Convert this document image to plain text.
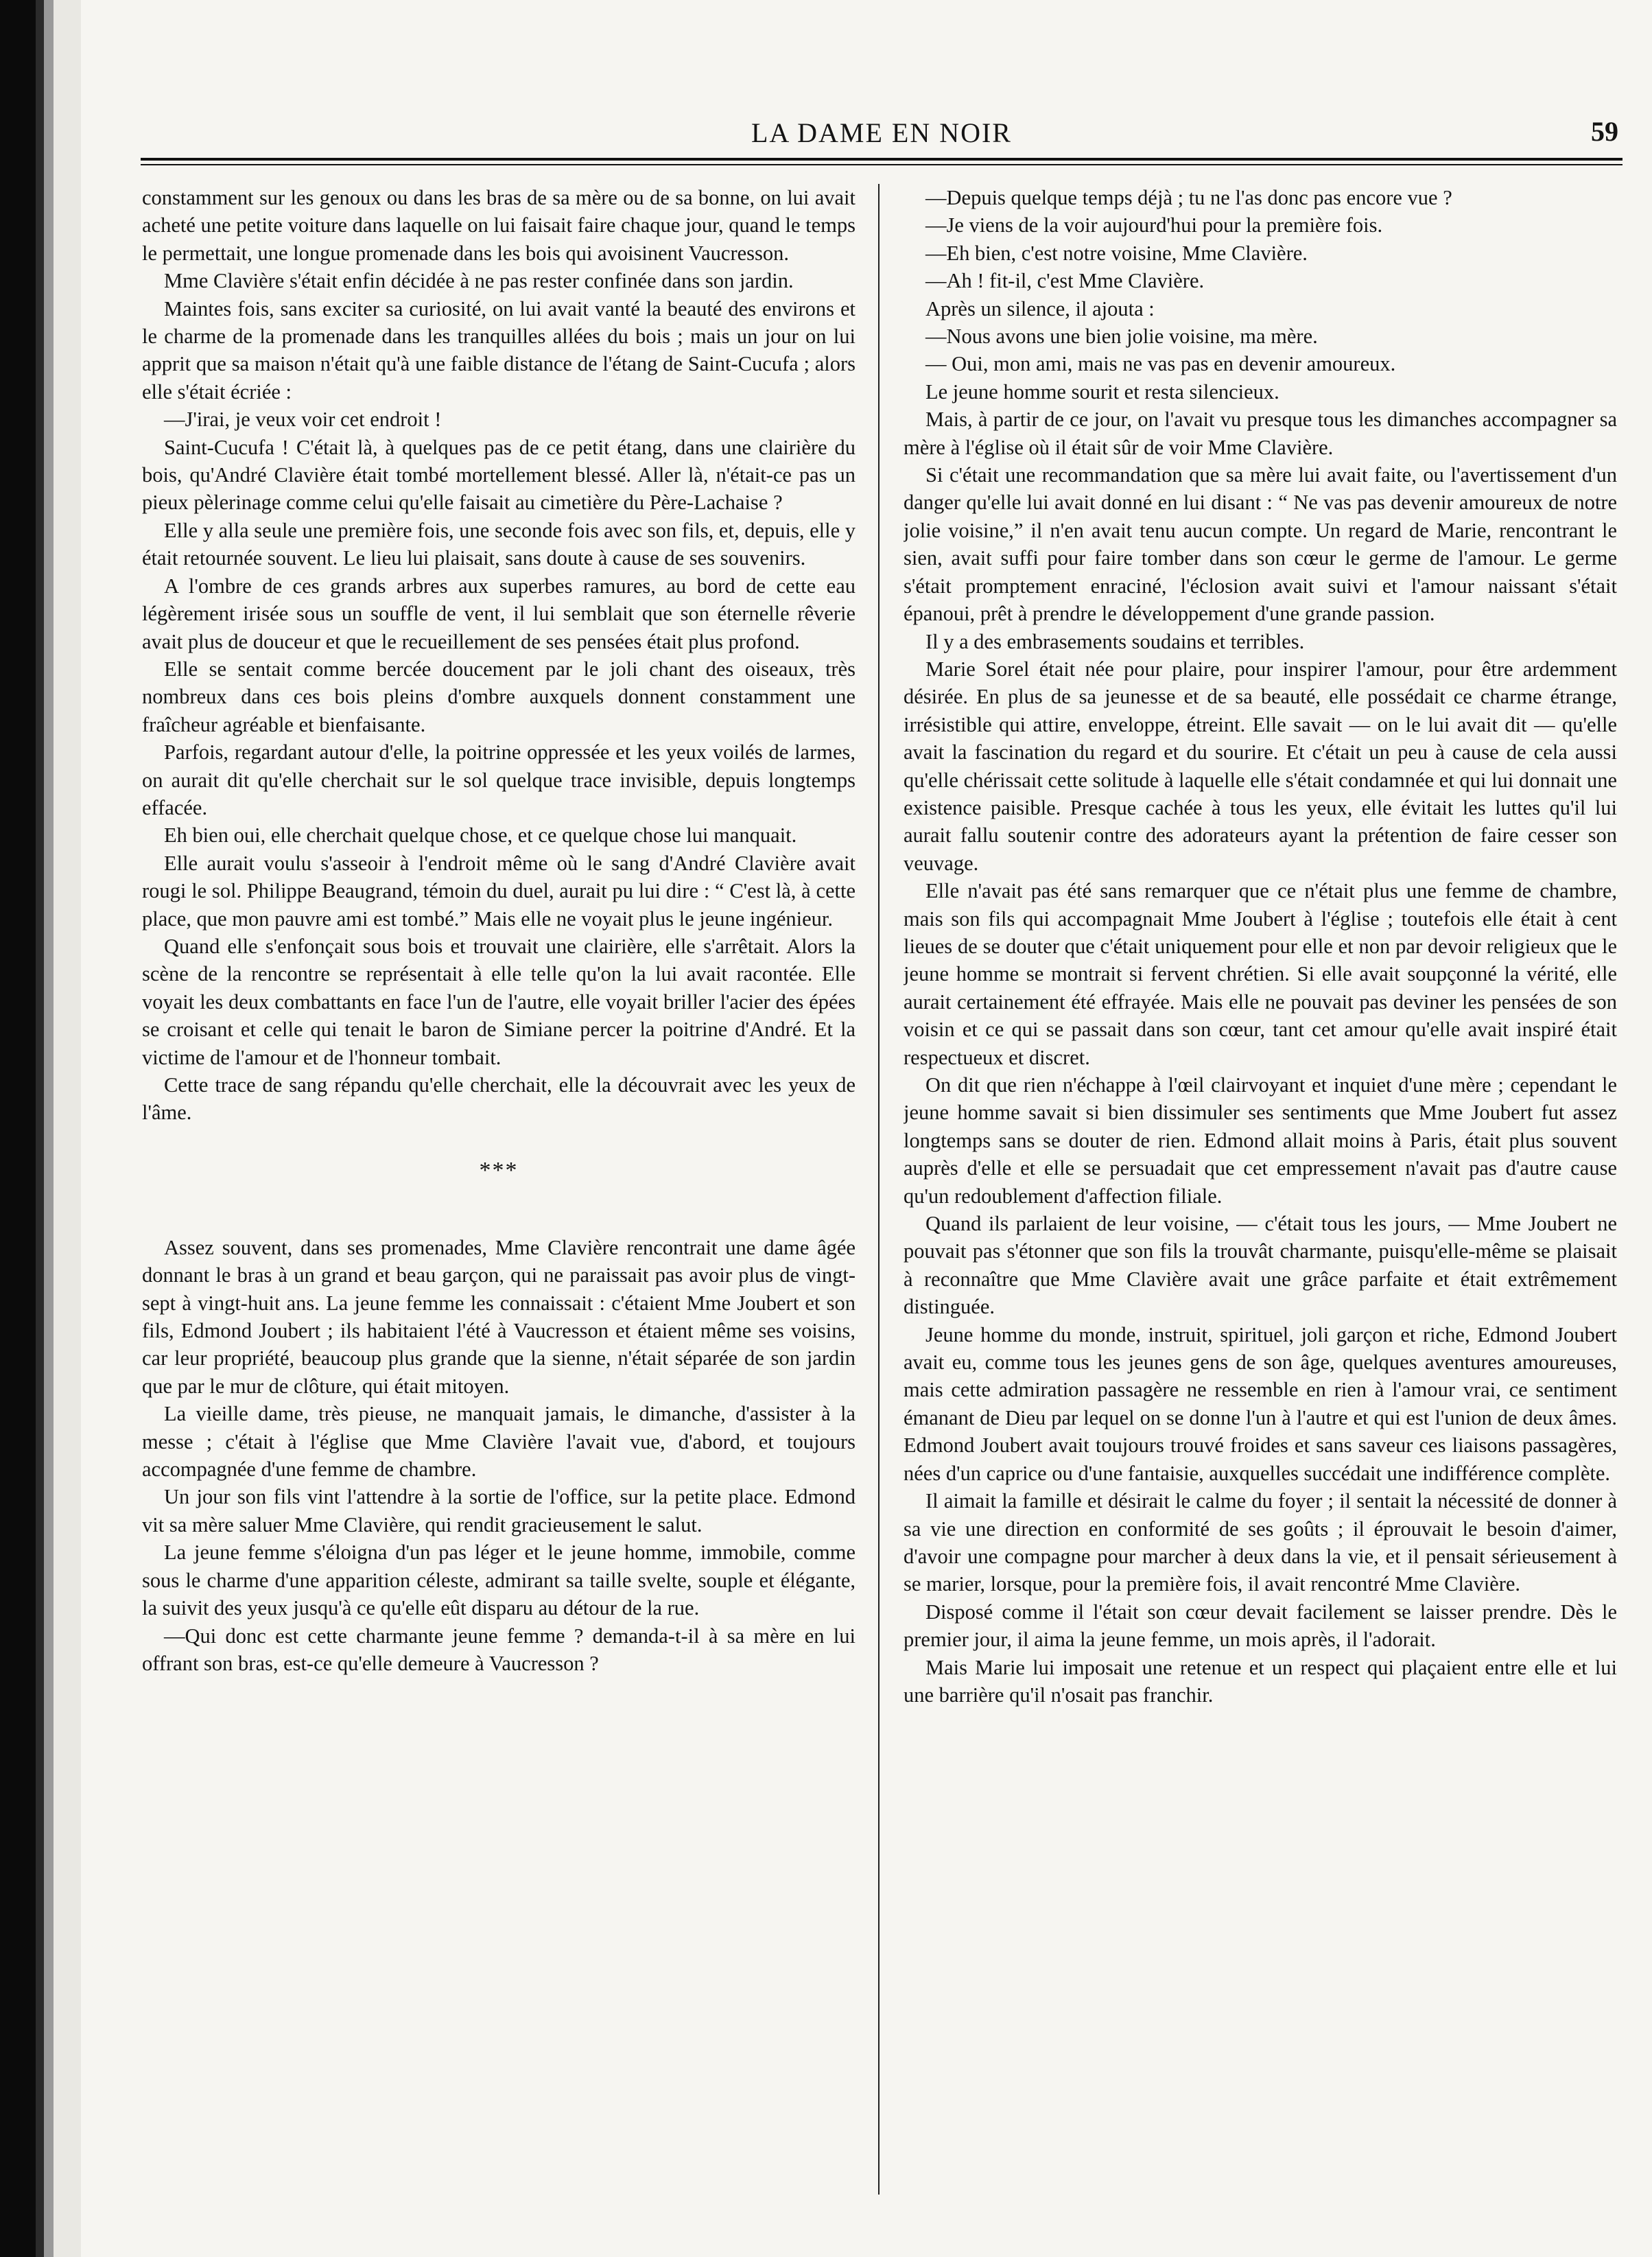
LA DAME EN NOIR	59

constamment sur les genoux ou dans les bras de sa mère ou de sa bonne, on lui avait acheté une petite voiture dans laquelle on lui faisait faire chaque jour, quand le temps le permettait, une longue promenade dans les bois qui avoisinent Vaucresson.

Mme Clavière s'était enfin décidée à ne pas rester confinée dans son jardin.

Maintes fois, sans exciter sa curiosité, on lui avait vanté la beauté des environs et le charme de la promenade dans les tranquilles allées du bois ; mais un jour on lui apprit que sa maison n'était qu'à une faible distance de l'étang de Saint-Cucufa ; alors elle s'était écriée :

—J'irai, je veux voir cet endroit !

Saint-Cucufa ! C'était là, à quelques pas de ce petit étang, dans une clairière du bois, qu'André Clavière était tombé mortellement blessé. Aller là, n'était-ce pas un pieux pèlerinage comme celui qu'elle faisait au cimetière du Père-Lachaise ?

Elle y alla seule une première fois, une seconde fois avec son fils, et, depuis, elle y était retournée souvent. Le lieu lui plaisait, sans doute à cause de ses souvenirs.

A l'ombre de ces grands arbres aux superbes ramures, au bord de cette eau légèrement irisée sous un souffle de vent, il lui semblait que son éternelle rêverie avait plus de douceur et que le recueillement de ses pensées était plus profond.

Elle se sentait comme bercée doucement par le joli chant des oiseaux, très nombreux dans ces bois pleins d'ombre auxquels donnent constamment une fraîcheur agréable et bienfaisante.

Parfois, regardant autour d'elle, la poitrine oppressée et les yeux voilés de larmes, on aurait dit qu'elle cherchait sur le sol quelque trace invisible, depuis longtemps effacée.

Eh bien oui, elle cherchait quelque chose, et ce quelque chose lui manquait.

Elle aurait voulu s'asseoir à l'endroit même où le sang d'André Clavière avait rougi le sol. Philippe Beaugrand, témoin du duel, aurait pu lui dire : “ C'est là, à cette place, que mon pauvre ami est tombé.” Mais elle ne voyait plus le jeune ingénieur.

Quand elle s'enfonçait sous bois et trouvait une clairière, elle s'arrêtait. Alors la scène de la rencontre se représentait à elle telle qu'on la lui avait racontée. Elle voyait les deux combattants en face l'un de l'autre, elle voyait briller l'acier des épées se croisant et celle qui tenait le baron de Simiane percer la poitrine d'André. Et la victime de l'amour et de l'honneur tombait.

Cette trace de sang répandu qu'elle cherchait, elle la découvrait avec les yeux de l'âme.

***

Assez souvent, dans ses promenades, Mme Clavière rencontrait une dame âgée donnant le bras à un grand et beau garçon, qui ne paraissait pas avoir plus de vingt-sept à vingt-huit ans. La jeune femme les connaissait : c'étaient Mme Joubert et son fils, Edmond Joubert ; ils habitaient l'été à Vaucresson et étaient même ses voisins, car leur propriété, beaucoup plus grande que la sienne, n'était séparée de son jardin que par le mur de clôture, qui était mitoyen.

La vieille dame, très pieuse, ne manquait jamais, le dimanche, d'assister à la messe ; c'était à l'église que Mme Clavière l'avait vue, d'abord, et toujours accompagnée d'une femme de chambre.

Un jour son fils vint l'attendre à la sortie de l'office, sur la petite place. Edmond vit sa mère saluer Mme Clavière, qui rendit gracieusement le salut.

La jeune femme s'éloigna d'un pas léger et le jeune homme, immobile, comme sous le charme d'une apparition céleste, admirant sa taille svelte, souple et élégante, la suivit des yeux jusqu'à ce qu'elle eût disparu au détour de la rue.

—Qui donc est cette charmante jeune femme ? demanda-t-il à sa mère en lui offrant son bras, est-ce qu'elle demeure à Vaucresson ?

—Depuis quelque temps déjà ; tu ne l'as donc pas encore vue ?

—Je viens de la voir aujourd'hui pour la première fois.

—Eh bien, c'est notre voisine, Mme Clavière.

—Ah ! fit-il, c'est Mme Clavière.

Après un silence, il ajouta :

—Nous avons une bien jolie voisine, ma mère.

— Oui, mon ami, mais ne vas pas en devenir amoureux.

Le jeune homme sourit et resta silencieux.

Mais, à partir de ce jour, on l'avait vu presque tous les dimanches accompagner sa mère à l'église où il était sûr de voir Mme Clavière.

Si c'était une recommandation que sa mère lui avait faite, ou l'avertissement d'un danger qu'elle lui avait donné en lui disant : “ Ne vas pas devenir amoureux de notre jolie voisine,” il n'en avait tenu aucun compte. Un regard de Marie, rencontrant le sien, avait suffi pour faire tomber dans son cœur le germe de l'amour. Le germe s'était promptement enraciné, l'éclosion avait suivi et l'amour naissant s'était épanoui, prêt à prendre le développement d'une grande passion.

Il y a des embrasements soudains et terribles.

Marie Sorel était née pour plaire, pour inspirer l'amour, pour être ardemment désirée. En plus de sa jeunesse et de sa beauté, elle possédait ce charme étrange, irrésistible qui attire, enveloppe, étreint. Elle savait — on le lui avait dit — qu'elle avait la fascination du regard et du sourire. Et c'était un peu à cause de cela aussi qu'elle chérissait cette solitude à laquelle elle s'était condamnée et qui lui donnait une existence paisible. Presque cachée à tous les yeux, elle évitait les luttes qu'il lui aurait fallu soutenir contre des adorateurs ayant la prétention de faire cesser son veuvage.

Elle n'avait pas été sans remarquer que ce n'était plus une femme de chambre, mais son fils qui accompagnait Mme Joubert à l'église ; toutefois elle était à cent lieues de se douter que c'était uniquement pour elle et non par devoir religieux que le jeune homme se montrait si fervent chrétien. Si elle avait soupçonné la vérité, elle aurait certainement été effrayée. Mais elle ne pouvait pas deviner les pensées de son voisin et ce qui se passait dans son cœur, tant cet amour qu'elle avait inspiré était respectueux et discret.

On dit que rien n'échappe à l'œil clairvoyant et inquiet d'une mère ; cependant le jeune homme savait si bien dissimuler ses sentiments que Mme Joubert fut assez longtemps sans se douter de rien. Edmond allait moins à Paris, était plus souvent auprès d'elle et elle se persuadait que cet empressement n'avait pas d'autre cause qu'un redoublement d'affection filiale.

Quand ils parlaient de leur voisine, — c'était tous les jours, — Mme Joubert ne pouvait pas s'étonner que son fils la trouvât charmante, puisqu'elle-même se plaisait à reconnaître que Mme Clavière avait une grâce parfaite et était extrêmement distinguée.

Jeune homme du monde, instruit, spirituel, joli garçon et riche, Edmond Joubert avait eu, comme tous les jeunes gens de son âge, quelques aventures amoureuses, mais cette admiration passagère ne ressemble en rien à l'amour vrai, ce sentiment émanant de Dieu par lequel on se donne l'un à l'autre et qui est l'union de deux âmes. Edmond Joubert avait toujours trouvé froides et sans saveur ces liaisons passagères, nées d'un caprice ou d'une fantaisie, auxquelles succédait une indifférence complète.

Il aimait la famille et désirait le calme du foyer ; il sentait la nécessité de donner à sa vie une direction en conformité de ses goûts ; il éprouvait le besoin d'aimer, d'avoir une compagne pour marcher à deux dans la vie, et il pensait sérieusement à se marier, lorsque, pour la première fois, il avait rencontré Mme Clavière.

Disposé comme il l'était son cœur devait facilement se laisser prendre. Dès le premier jour, il aima la jeune femme, un mois après, il l'adorait.

Mais Marie lui imposait une retenue et un respect qui plaçaient entre elle et lui une barrière qu'il n'osait pas franchir.
